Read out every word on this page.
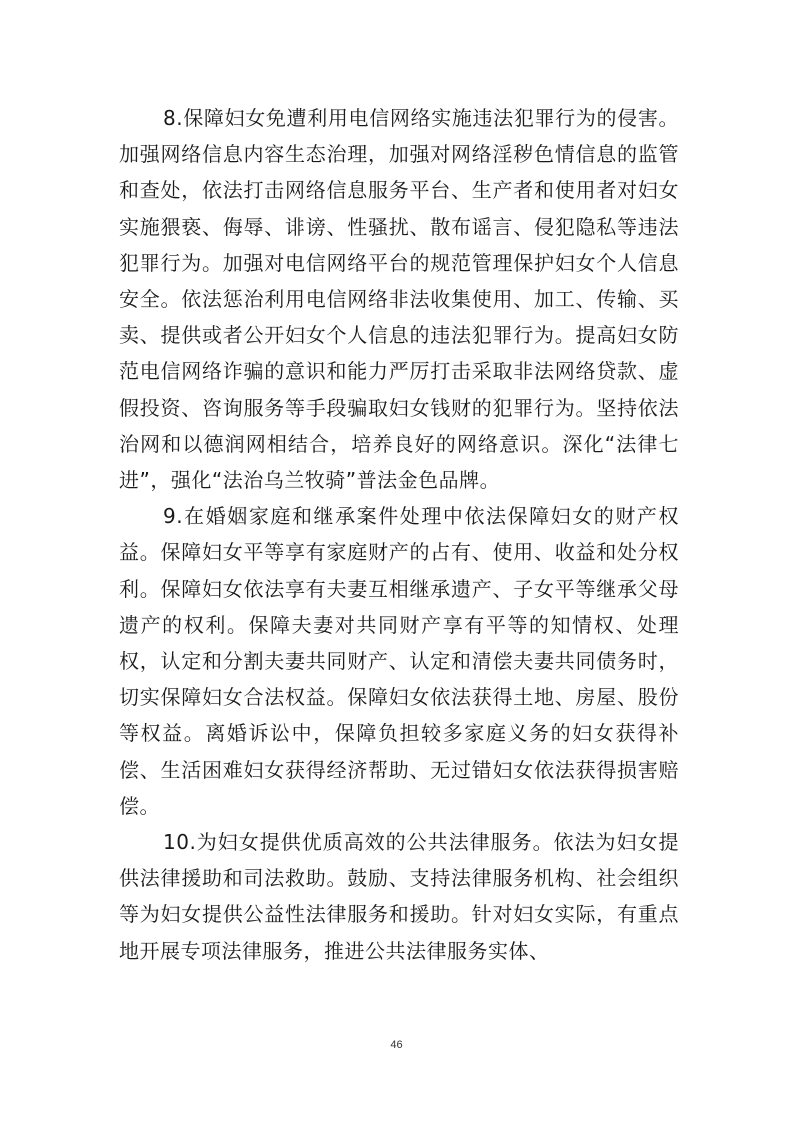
8.保障妇女免遭利用电信网络实施违法犯罪行为的侵害。加强网络信息内容生态治理，加强对网络淫秽色情信息的监管和查处，依法打击网络信息服务平台、生产者和使用者对妇女实施猥亵、侮辱、诽谤、性骚扰、散布谣言、侵犯隐私等违法犯罪行为。加强对电信网络平台的规范管理保护妇女个人信息安全。依法惩治利用电信网络非法收集使用、加工、传输、买卖、提供或者公开妇女个人信息的违法犯罪行为。提高妇女防范电信网络诈骗的意识和能力严厉打击采取非法网络贷款、虚假投资、咨询服务等手段骗取妇女钱财的犯罪行为。坚持依法治网和以德润网相结合，培养良好的网络意识。深化“法律七进”，强化“法治乌兰牧骑”普法金色品牌。

9.在婚姻家庭和继承案件处理中依法保障妇女的财产权益。保障妇女平等享有家庭财产的占有、使用、收益和处分权利。保障妇女依法享有夫妻互相继承遗产、子女平等继承父母遗产的权利。保障夫妻对共同财产享有平等的知情权、处理权，认定和分割夫妻共同财产、认定和清偿夫妻共同债务时，切实保障妇女合法权益。保障妇女依法获得土地、房屋、股份等权益。离婚诉讼中，保障负担较多家庭义务的妇女获得补偿、生活困难妇女获得经济帮助、无过错妇女依法获得损害赔偿。

10.为妇女提供优质高效的公共法律服务。依法为妇女提供法律援助和司法救助。鼓励、支持法律服务机构、社会组织等为妇女提供公益性法律服务和援助。针对妇女实际，有重点地开展专项法律服务，推进公共法律服务实体、

46
